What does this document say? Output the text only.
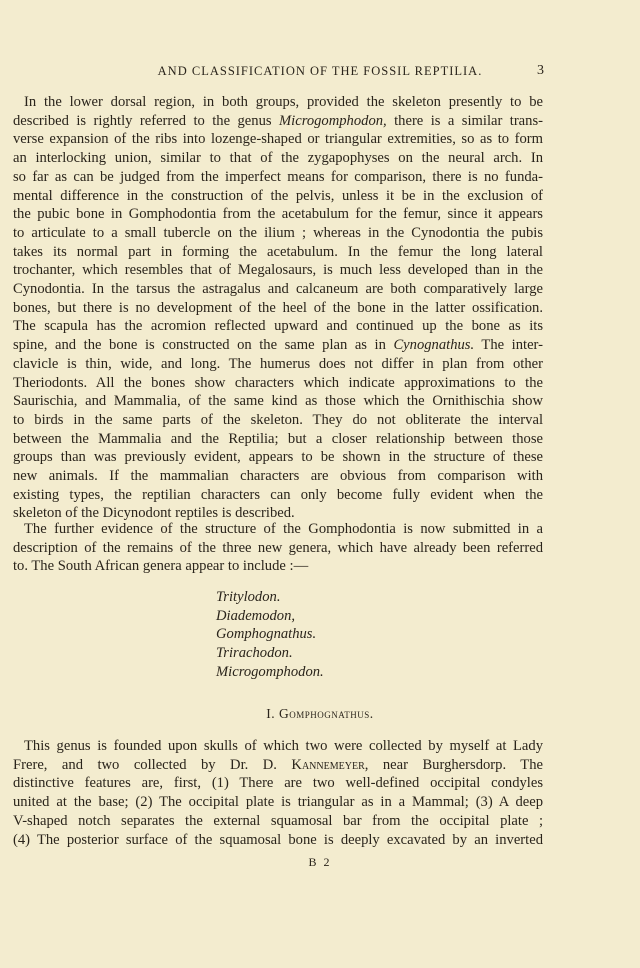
AND CLASSIFICATION OF THE FOSSIL REPTILIA.	3
In the lower dorsal region, in both groups, provided the skeleton presently to be
described is rightly referred to the genus Microgomphodon, there is a similar trans-
verse expansion of the ribs into lozenge-shaped or triangular extremities, so as to form
an interlocking union, similar to that of the zygapophyses on the neural arch. In
so far as can be judged from the imperfect means for comparison, there is no funda-
mental difference in the construction of the pelvis, unless it be in the exclusion of
the pubic bone in Gomphodontia from the acetabulum for the femur, since it appears
to articulate to a small tubercle on the ilium ; whereas in the Cynodontia the pubis
takes its normal part in forming the acetabulum. In the femur the long lateral
trochanter, which resembles that of Megalosaurs, is much less developed than in the
Cynodontia. In the tarsus the astragalus and calcaneum are both comparatively large
bones, but there is no development of the heel of the bone in the latter ossification.
The scapula has the acromion reflected upward and continued up the bone as its
spine, and the bone is constructed on the same plan as in Cynognathus. The inter-
clavicle is thin, wide, and long. The humerus does not differ in plan from other
Theriodonts. All the bones show characters which indicate approximations to the
Saurischia, and Mammalia, of the same kind as those which the Ornithischia show
to birds in the same parts of the skeleton. They do not obliterate the interval
between the Mammalia and the Reptilia; but a closer relationship between those
groups than was previously evident, appears to be shown in the structure of these
new animals. If the mammalian characters are obvious from comparison with
existing types, the reptilian characters can only become fully evident when the
skeleton of the Dicynodont reptiles is described.
The further evidence of the structure of the Gomphodontia is now submitted in a
description of the remains of the three new genera, which have already been referred
to. The South African genera appear to include :—
This genus is founded upon skulls of which two were collected by myself at Lady
Frere, and two collected by Dr. D. Kannemeyer, near Burghersdorp. The
distinctive features are, first, (1) There are two well-defined occipital condyles
united at the base; (2) The occipital plate is triangular as in a Mammal; (3) A deep
V-shaped notch separates the external squamosal bar from the occipital plate ;
(4) The posterior surface of the squamosal bone is deeply excavated by an inverted
Tritylodon.
Diademodon,
Gomphognathus.
Trirachodon.
Microgomphodon.
I. Gomphognathus.
B 2
